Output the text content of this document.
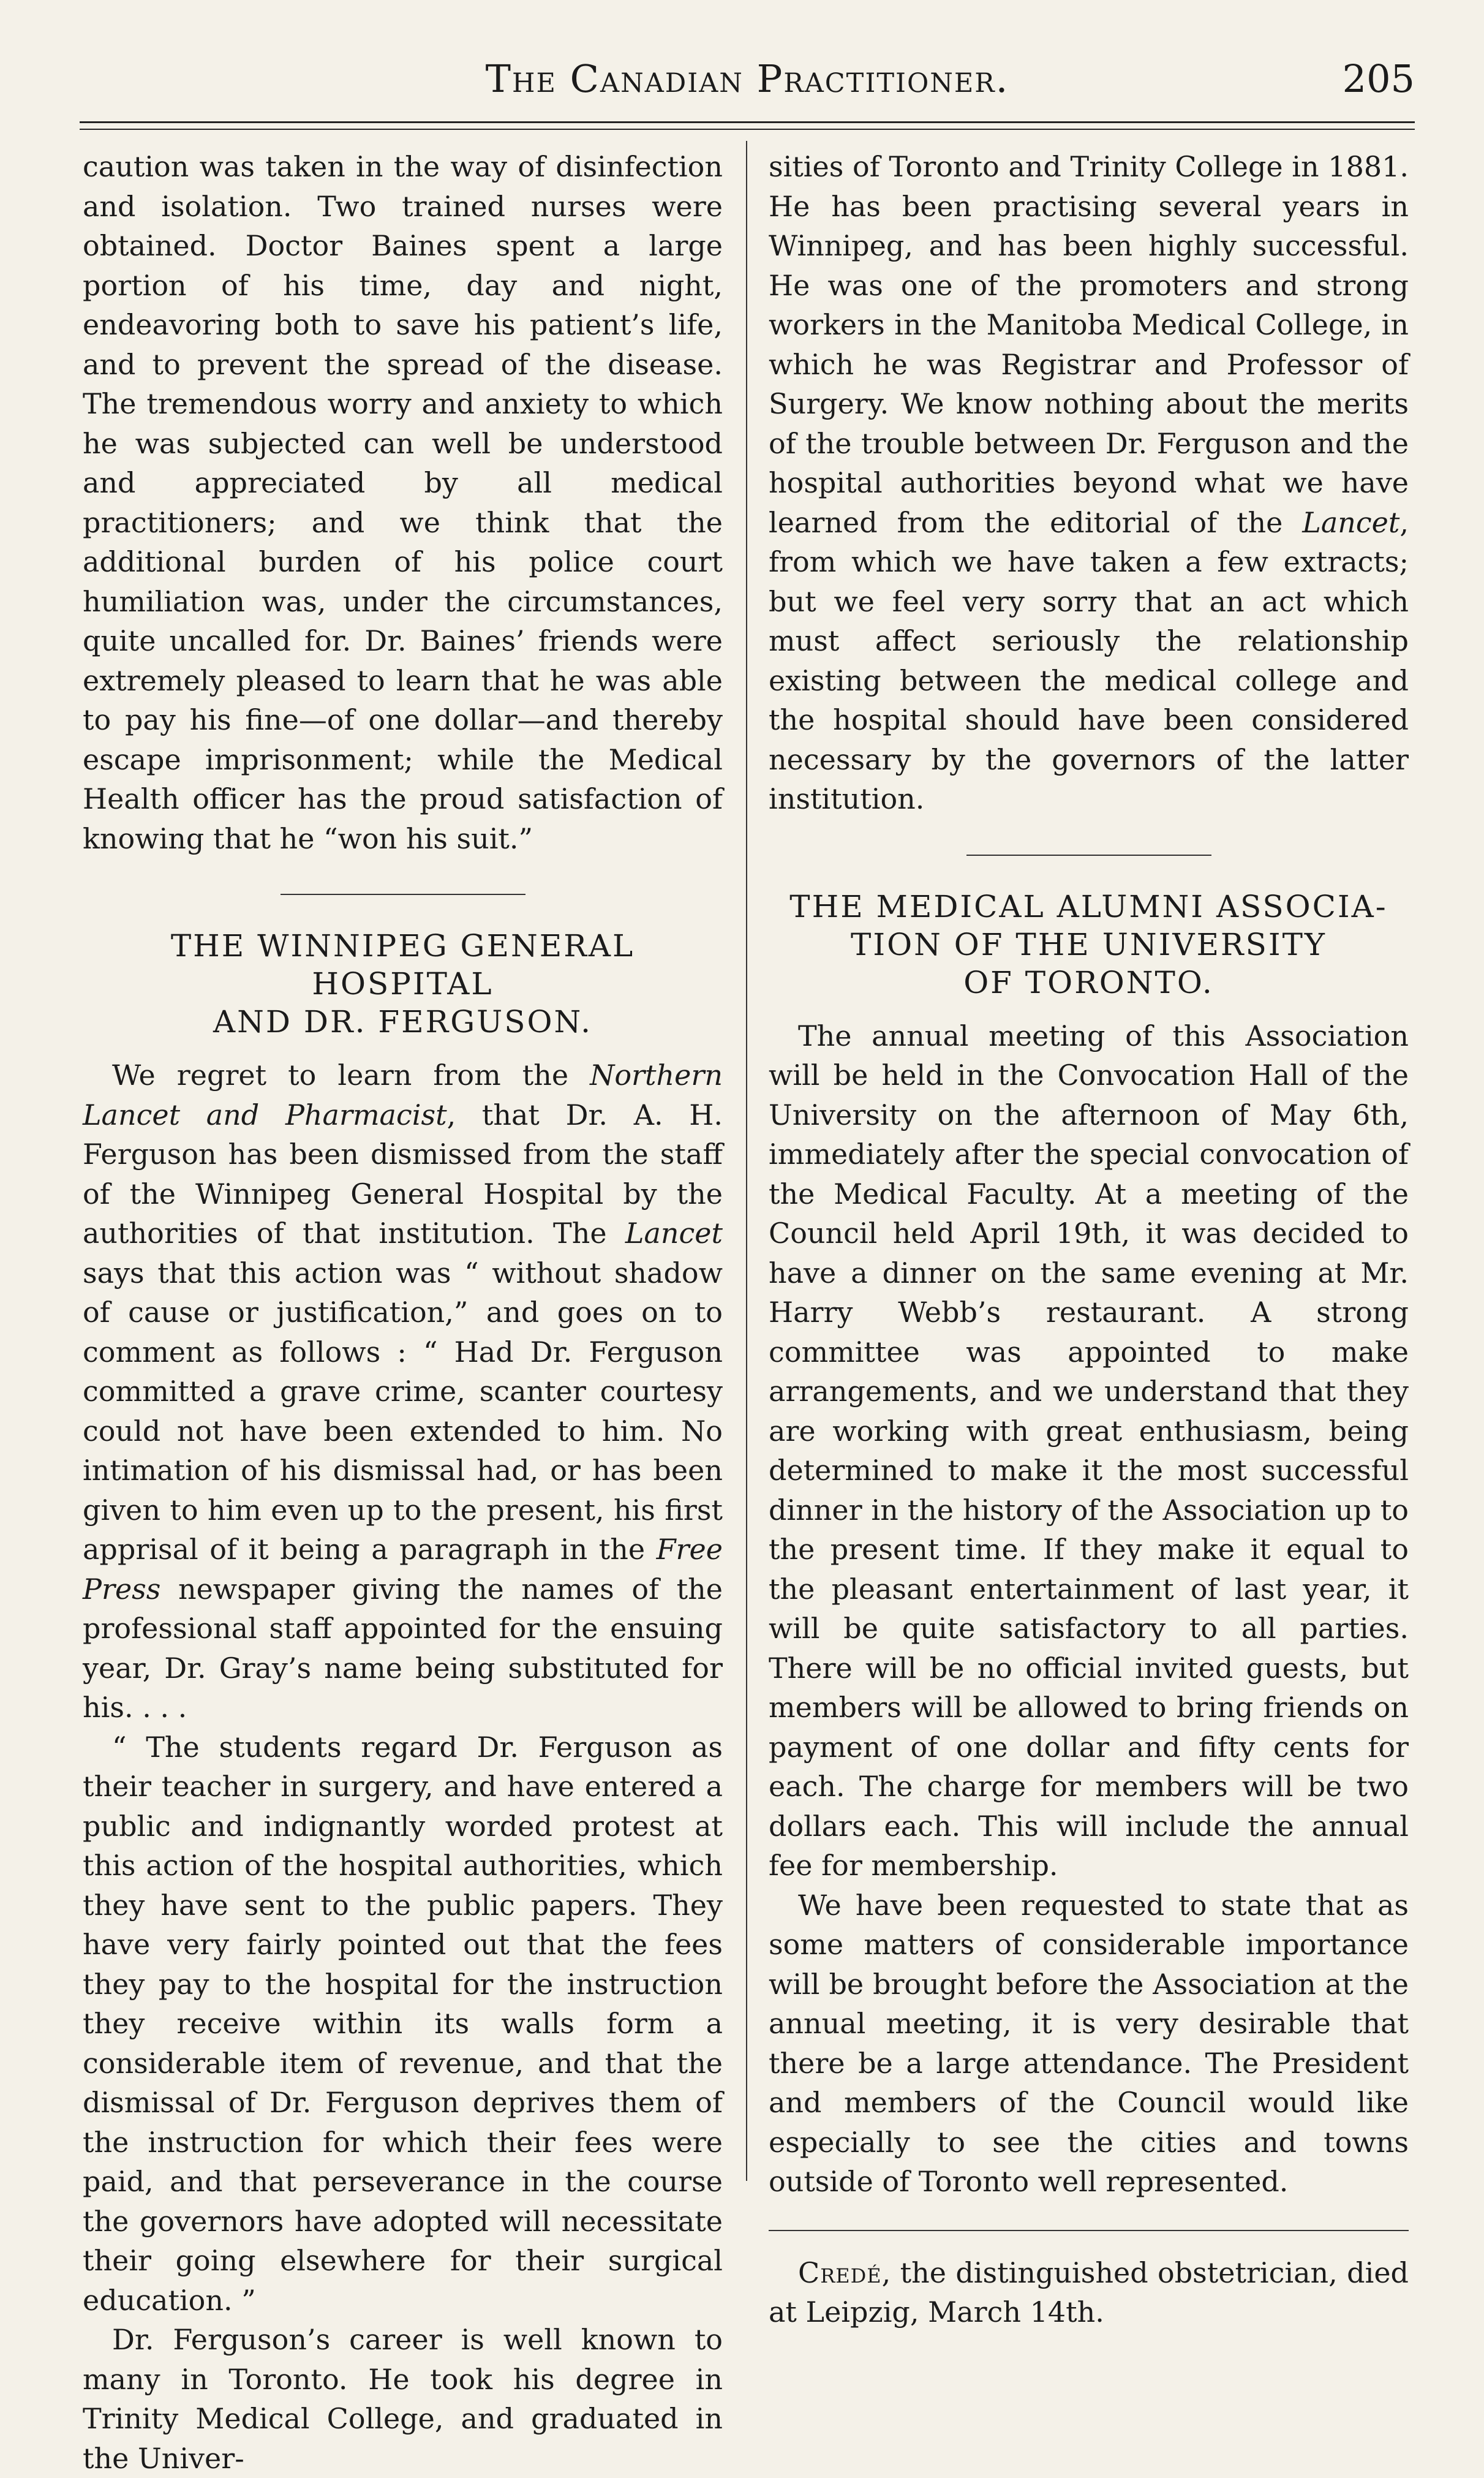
The Canadian Practitioner.	205

caution was taken in the way of disinfection and isolation. Two trained nurses were obtained. Doctor Baines spent a large portion of his time, day and night, endeavoring both to save his patient’s life, and to prevent the spread of the disease. The tremendous worry and anxiety to which he was subjected can well be understood and appreciated by all medical practitioners; and we think that the additional burden of his police court humiliation was, under the circumstances, quite uncalled for. Dr. Baines’ friends were extremely pleased to learn that he was able to pay his fine—of one dollar—and thereby escape imprisonment; while the Medical Health officer has the proud satisfaction of knowing that he “won his suit.”

THE WINNIPEG GENERAL HOSPITAL
AND DR. FERGUSON.

We regret to learn from the Northern Lancet and Pharmacist, that Dr. A. H. Ferguson has been dismissed from the staff of the Winnipeg General Hospital by the authorities of that institution. The Lancet says that this action was “ without shadow of cause or justification,” and goes on to comment as follows : “ Had Dr. Ferguson committed a grave crime, scanter courtesy could not have been extended to him. No intimation of his dismissal had, or has been given to him even up to the present, his first apprisal of it being a paragraph in the Free Press newspaper giving the names of the professional staff appointed for the ensuing year, Dr. Gray’s name being substituted for his. . . .

“ The students regard Dr. Ferguson as their teacher in surgery, and have entered a public and indignantly worded protest at this action of the hospital authorities, which they have sent to the public papers. They have very fairly pointed out that the fees they pay to the hospital for the instruction they receive within its walls form a considerable item of revenue, and that the dismissal of Dr. Ferguson deprives them of the instruction for which their fees were paid, and that perseverance in the course the governors have adopted will necessitate their going elsewhere for their surgical education. ”

Dr. Ferguson’s career is well known to many in Toronto. He took his degree in Trinity Medical College, and graduated in the Univer-

sities of Toronto and Trinity College in 1881. He has been practising several years in Winnipeg, and has been highly successful. He was one of the promoters and strong workers in the Manitoba Medical College, in which he was Registrar and Professor of Surgery. We know nothing about the merits of the trouble between Dr. Ferguson and the hospital authorities beyond what we have learned from the editorial of the Lancet, from which we have taken a few extracts; but we feel very sorry that an act which must affect seriously the relationship existing between the medical college and the hospital should have been considered necessary by the governors of the latter institution.

THE MEDICAL ALUMNI ASSOCIA-
TION OF THE UNIVERSITY
OF TORONTO.

The annual meeting of this Association will be held in the Convocation Hall of the University on the afternoon of May 6th, immediately after the special convocation of the Medical Faculty. At a meeting of the Council held April 19th, it was decided to have a dinner on the same evening at Mr. Harry Webb’s restaurant. A strong committee was appointed to make arrangements, and we understand that they are working with great enthusiasm, being determined to make it the most successful dinner in the history of the Association up to the present time. If they make it equal to the pleasant entertainment of last year, it will be quite satisfactory to all parties. There will be no official invited guests, but members will be allowed to bring friends on payment of one dollar and fifty cents for each. The charge for members will be two dollars each. This will include the annual fee for membership.

We have been requested to state that as some matters of considerable importance will be brought before the Association at the annual meeting, it is very desirable that there be a large attendance. The President and members of the Council would like especially to see the cities and towns outside of Toronto well represented.

Credé, the distinguished obstetrician, died at Leipzig, March 14th.
